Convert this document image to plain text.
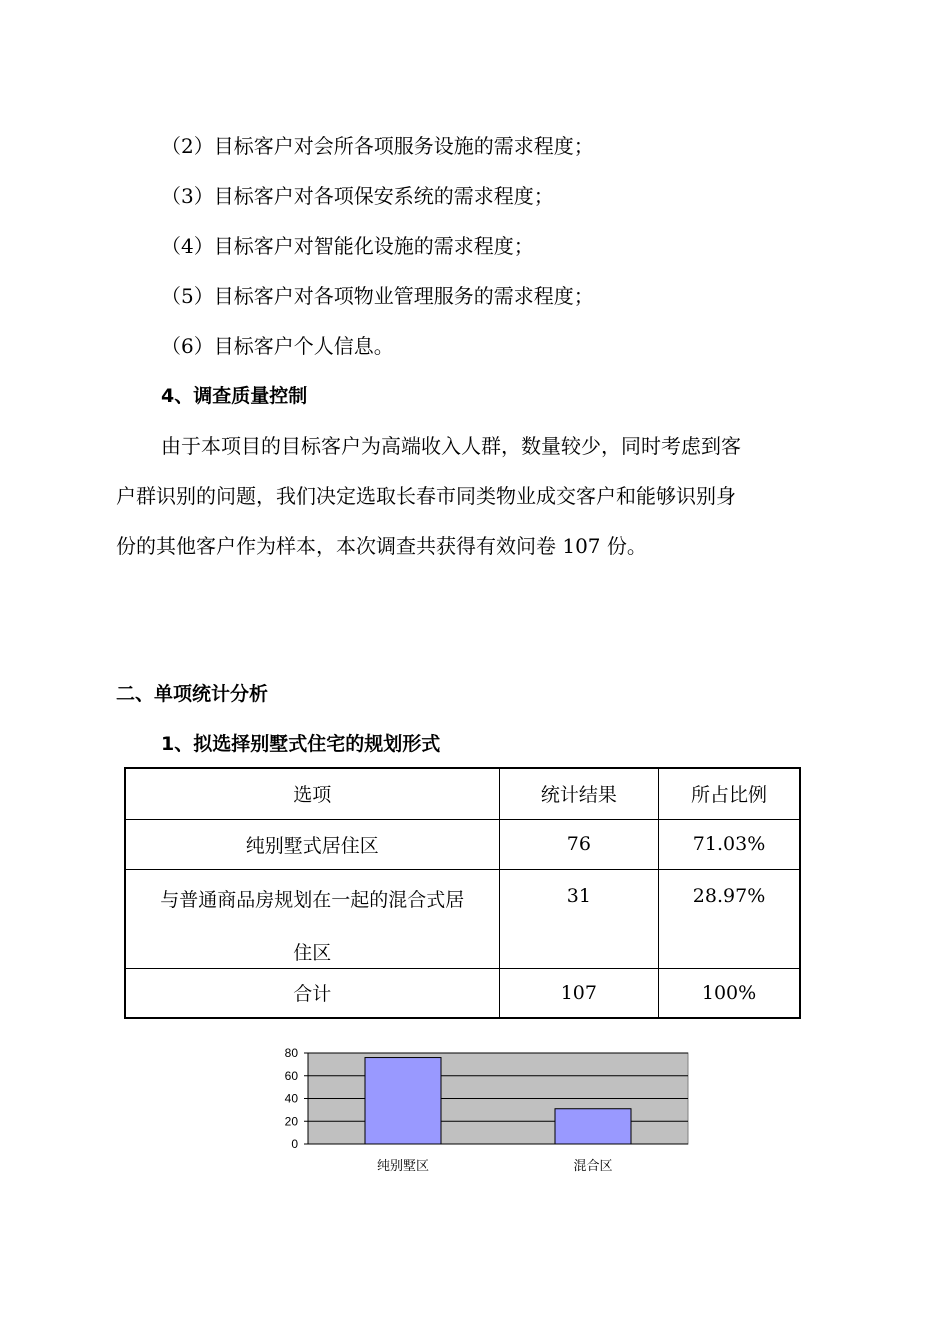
（2）目标客户对会所各项服务设施的需求程度；
（3）目标客户对各项保安系统的需求程度；
（4）目标客户对智能化设施的需求程度；
（5）目标客户对各项物业管理服务的需求程度；
（6）目标客户个人信息。
4、调查质量控制
由于本项目的目标客户为高端收入人群，数量较少，同时考虑到客
户群识别的问题，我们决定选取长春市同类物业成交客户和能够识别身
份的其他客户作为样本，本次调查共获得有效问卷 107 份。
二、单项统计分析
1、拟选择别墅式住宅的规划形式
选项	统计结果	所占比例
纯别墅式居住区	76	71.03%

与普通商品房规划在一起的混合式居
住区	31	28.97%
合计	107	100%
0
20
40
60
80
纯别墅区	混合区
